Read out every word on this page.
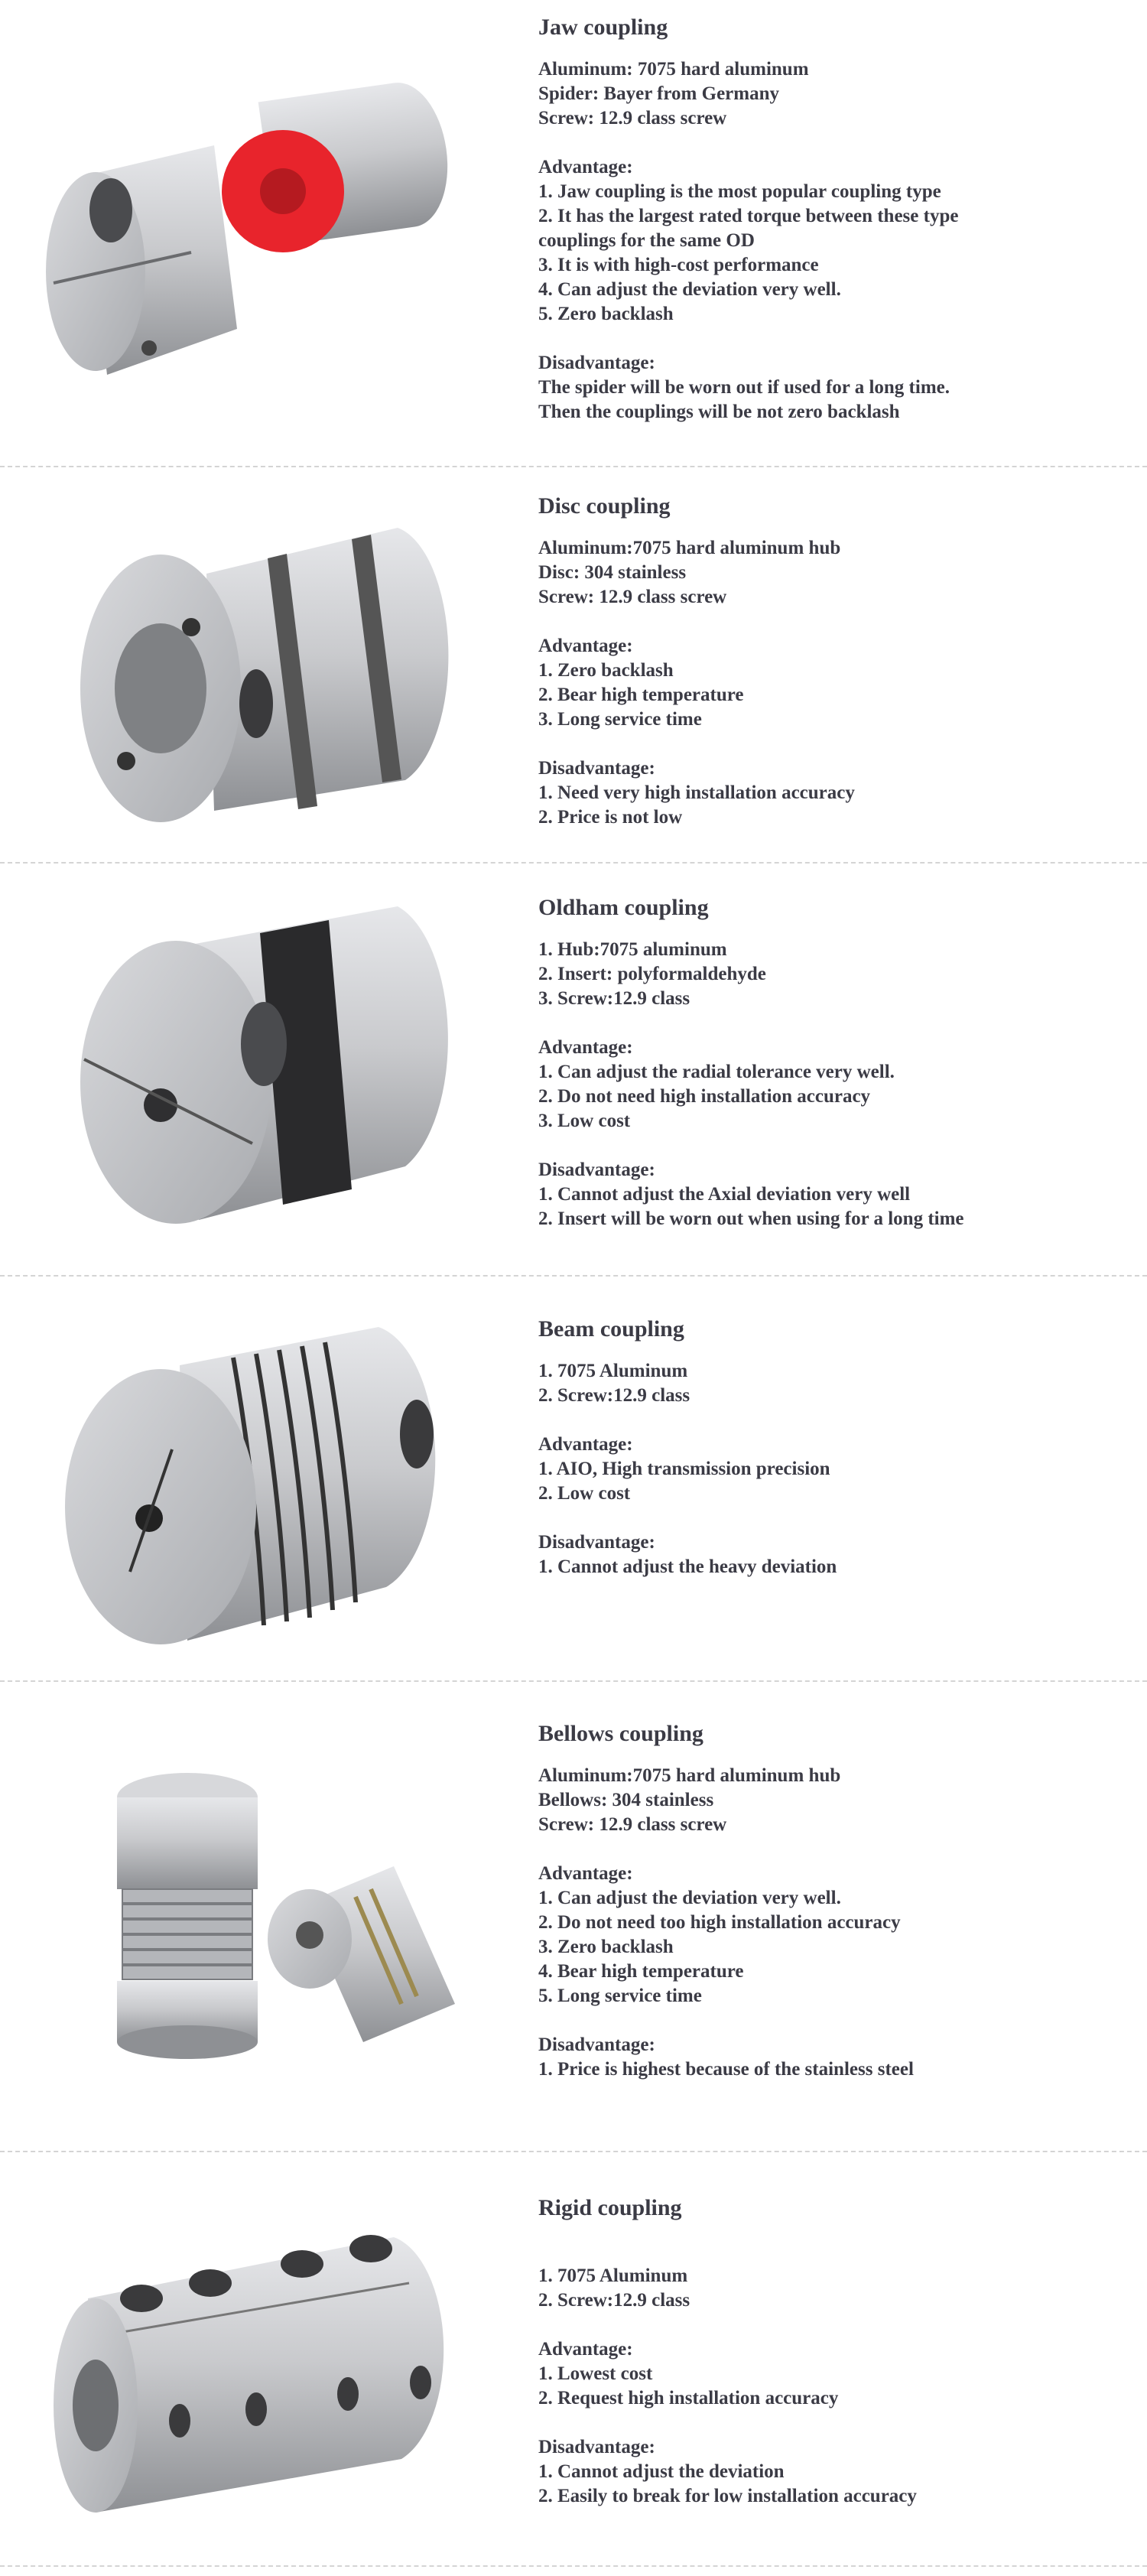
Jaw coupling

Aluminum: 7075 hard aluminum
Spider: Bayer from Germany
Screw: 12.9 class screw

Advantage:
1. Jaw coupling is the most popular coupling type
2. It has the largest rated torque between these type
couplings for the same OD
3. It is with high-cost performance
4. Can adjust the deviation very well.
5. Zero backlash

Disadvantage:
The spider will be worn out if used for a long time.
Then the couplings will be not zero backlash

Disc coupling

Aluminum:7075 hard aluminum hub
Disc: 304 stainless
Screw: 12.9 class screw

Advantage:
1. Zero backlash
2. Bear high temperature
3. Long service time

Disadvantage:
1. Need very high installation accuracy
2. Price is not low

Oldham coupling

1. Hub:7075 aluminum
2. Insert: polyformaldehyde
3. Screw:12.9 class

Advantage:
1. Can adjust the radial tolerance very well.
2. Do not need high installation accuracy
3. Low cost

Disadvantage:
1. Cannot adjust the Axial deviation very well
2. Insert will be worn out when using for a long time

Beam coupling

1. 7075 Aluminum
2. Screw:12.9 class

Advantage:
1. AIO, High transmission precision
2. Low cost

Disadvantage:
1. Cannot adjust the heavy deviation

Bellows coupling

Aluminum:7075 hard aluminum hub
Bellows: 304 stainless
Screw: 12.9 class screw

Advantage:
1. Can adjust the deviation very well.
2. Do not need too high installation accuracy
3. Zero backlash
4. Bear high temperature
5. Long service time

Disadvantage:
1. Price is highest because of the stainless steel

Rigid coupling

1. 7075 Aluminum
2. Screw:12.9 class

Advantage:
1. Lowest cost
2. Request high installation accuracy

Disadvantage:
1. Cannot adjust the deviation
2. Easily to break for low installation accuracy
